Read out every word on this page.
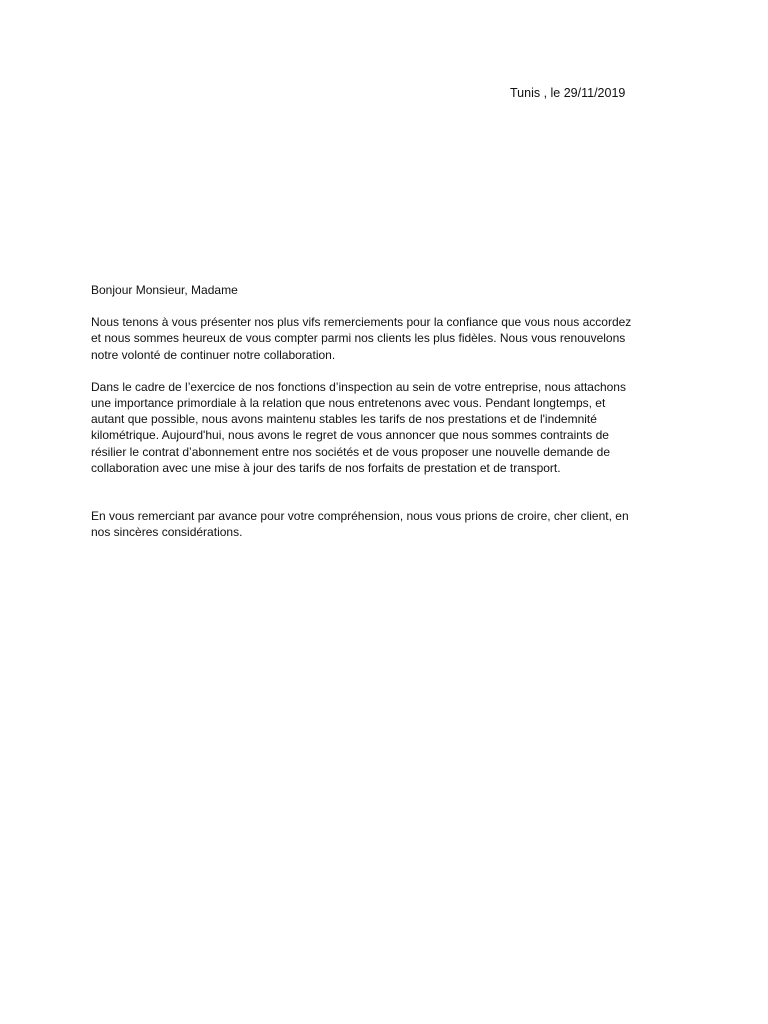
Tunis , le 29/11/2019
Bonjour Monsieur, Madame
Nous tenons à vous présenter nos plus vifs remerciements pour la confiance que vous nous accordez
et nous sommes heureux de vous compter parmi nos clients les plus fidèles. Nous vous renouvelons
notre volonté de continuer notre collaboration.
Dans le cadre de l’exercice de nos fonctions d’inspection au sein de votre entreprise, nous attachons
une importance primordiale à la relation que nous entretenons avec vous. Pendant longtemps, et
autant que possible, nous avons maintenu stables les tarifs de nos prestations et de l'indemnité
kilométrique. Aujourd'hui, nous avons le regret de vous annoncer que nous sommes contraints de
résilier le contrat d’abonnement entre nos sociétés et de vous proposer une nouvelle demande de
collaboration avec une mise à jour des tarifs de nos forfaits de prestation et de transport.
En vous remerciant par avance pour votre compréhension, nous vous prions de croire, cher client, en
nos sincères considérations.
